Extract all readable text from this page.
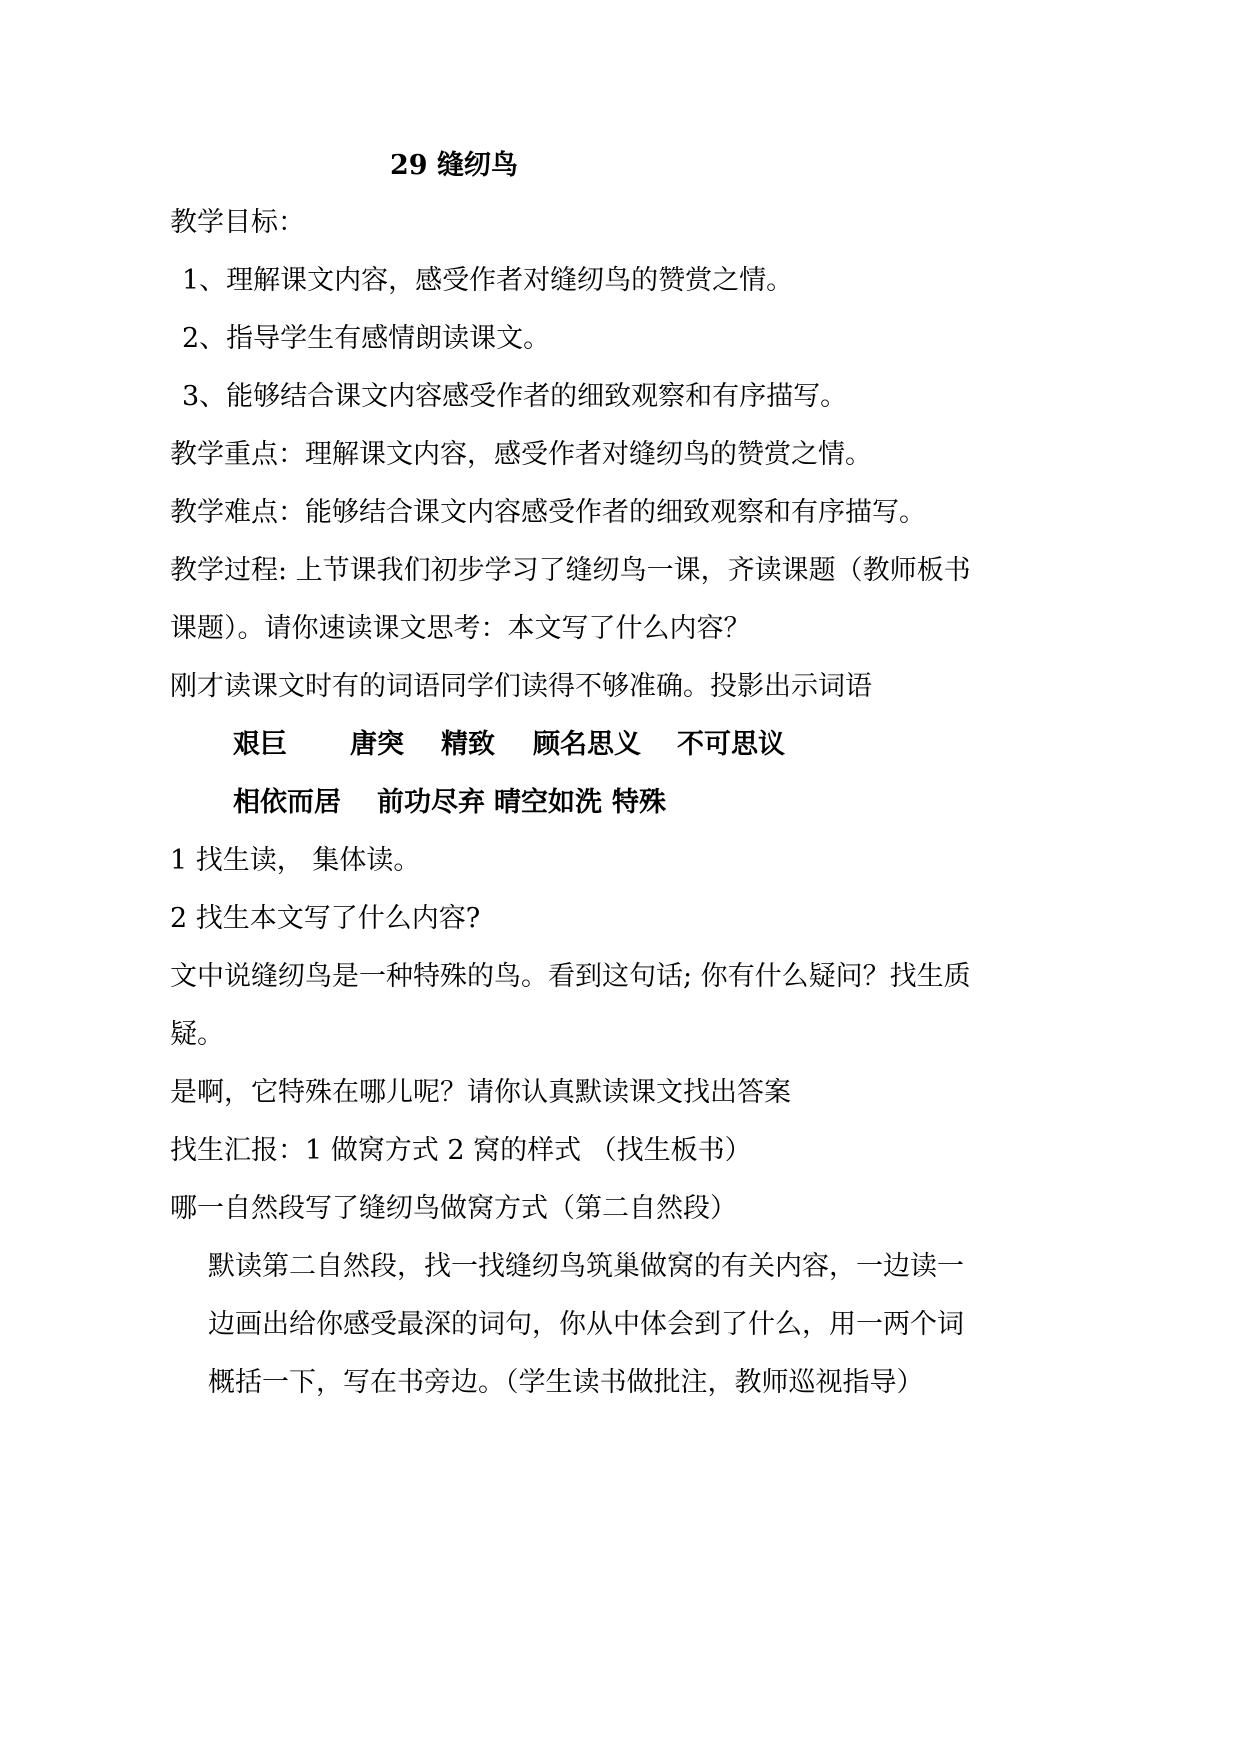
29 缝纫鸟
教学目标：
1、理解课文内容，感受作者对缝纫鸟的赞赏之情。
2、指导学生有感情朗读课文。
3、能够结合课文内容感受作者的细致观察和有序描写。
教学重点：理解课文内容，感受作者对缝纫鸟的赞赏之情。
教学难点：能够结合课文内容感受作者的细致观察和有序描写。
教学过程: 上节课我们初步学习了缝纫鸟一课，齐读课题（教师板书
课题）。请你速读课文思考：本文写了什么内容？
刚才读课文时有的词语同学们读得不够准确。投影出示词语
艰巨 唐突 精致 顾名思义 不可思议
相依而居 前功尽弃 晴空如洗 特殊
1 找生读， 集体读。
2 找生本文写了什么内容?
文中说缝纫鸟是一种特殊的鸟。看到这句话; 你有什么疑问？找生质
疑。
是啊，它特殊在哪儿呢？请你认真默读课文找出答案
找生汇报：1 做窝方式 2 窝的样式 （找生板书）
哪一自然段写了缝纫鸟做窝方式（第二自然段）
默读第二自然段，找一找缝纫鸟筑巢做窝的有关内容，一边读一
边画出给你感受最深的词句，你从中体会到了什么，用一两个词
概括一下，写在书旁边。（学生读书做批注，教师巡视指导）
